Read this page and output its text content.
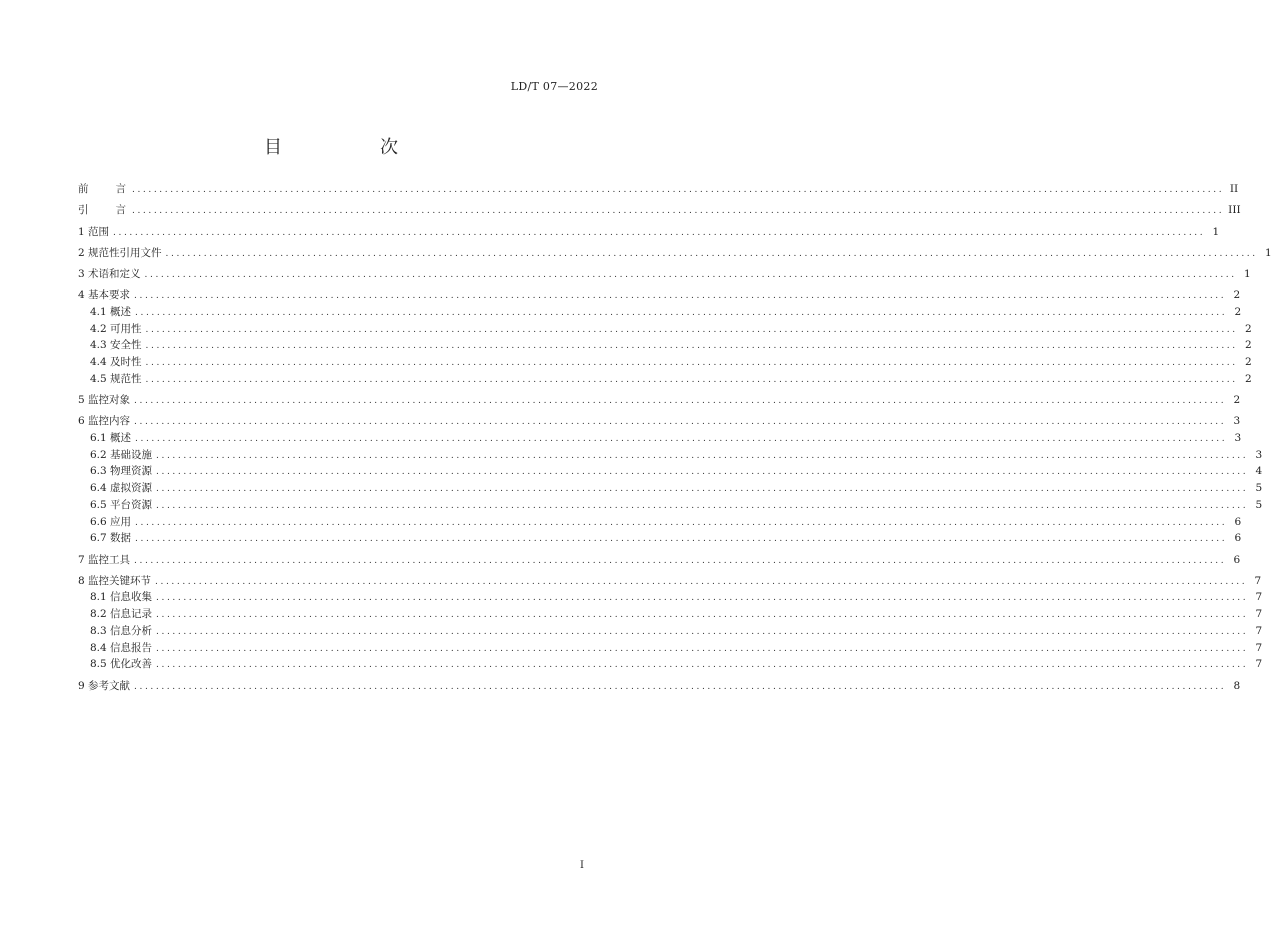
LD/T 07—2022
目　次
前　　言 ........................................................................................................................................................................................................ II
引　　言 ........................................................................................................................................................................................................ III
1 范围 ........................................................................................................................................................................................................ 1
2 规范性引用文件 ........................................................................................................................................................................................................ 1
3 术语和定义 ........................................................................................................................................................................................................ 1
4 基本要求 ........................................................................................................................................................................................................ 2
4.1 概述 ........................................................................................................................................................................................................ 2
4.2 可用性 ........................................................................................................................................................................................................ 2
4.3 安全性 ........................................................................................................................................................................................................ 2
4.4 及时性 ........................................................................................................................................................................................................ 2
4.5 规范性 ........................................................................................................................................................................................................ 2
5 监控对象 ........................................................................................................................................................................................................ 2
6 监控内容 ........................................................................................................................................................................................................ 3
6.1 概述 ........................................................................................................................................................................................................ 3
6.2 基础设施 ........................................................................................................................................................................................................ 3
6.3 物理资源 ........................................................................................................................................................................................................ 4
6.4 虚拟资源 ........................................................................................................................................................................................................ 5
6.5 平台资源 ........................................................................................................................................................................................................ 5
6.6 应用 ........................................................................................................................................................................................................ 6
6.7 数据 ........................................................................................................................................................................................................ 6
7 监控工具 ........................................................................................................................................................................................................ 6
8 监控关键环节 ........................................................................................................................................................................................................ 7
8.1 信息收集 ........................................................................................................................................................................................................ 7
8.2 信息记录 ........................................................................................................................................................................................................ 7
8.3 信息分析 ........................................................................................................................................................................................................ 7
8.4 信息报告 ........................................................................................................................................................................................................ 7
8.5 优化改善 ........................................................................................................................................................................................................ 7
9 参考文献 ........................................................................................................................................................................................................ 8
I
